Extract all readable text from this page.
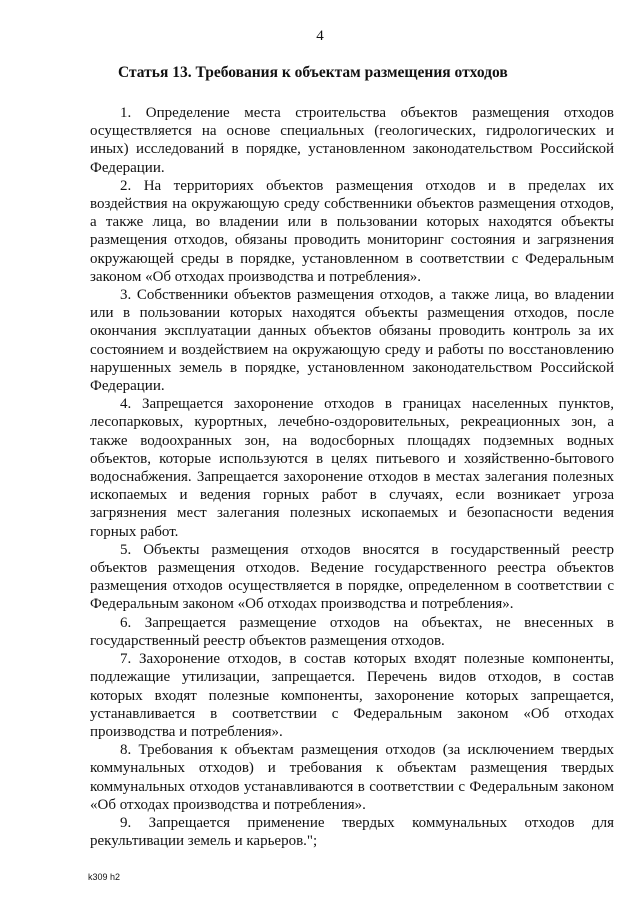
4
Статья 13. Требования к объектам размещения отходов

1. Определение места строительства объектов размещения отходов осуществляется на основе специальных (геологических, гидрологических и иных) исследований в порядке, установленном законодательством Российской Федерации.

2. На территориях объектов размещения отходов и в пределах их воздействия на окружающую среду собственники объектов размещения отходов, а также лица, во владении или в пользовании которых находятся объекты размещения отходов, обязаны проводить мониторинг состояния и загрязнения окружающей среды в порядке, установленном в соответствии с Федеральным законом «Об отходах производства и потребления».

3. Собственники объектов размещения отходов, а также лица, во владении или в пользовании которых находятся объекты размещения отходов, после окончания эксплуатации данных объектов обязаны проводить контроль за их состоянием и воздействием на окружающую среду и работы по восстановлению нарушенных земель в порядке, установленном законодательством Российской Федерации.

4. Запрещается захоронение отходов в границах населенных пунктов, лесопарковых, курортных, лечебно-оздоровительных, рекреационных зон, а также водоохранных зон, на водосборных площадях подземных водных объектов, которые используются в целях питьевого и хозяйственно-бытового водоснабжения. Запрещается захоронение отходов в местах залегания полезных ископаемых и ведения горных работ в случаях, если возникает угроза загрязнения мест залегания полезных ископаемых и безопасности ведения горных работ.

5. Объекты размещения отходов вносятся в государственный реестр объектов размещения отходов. Ведение государственного реестра объектов размещения отходов осуществляется в порядке, определенном в соответствии с Федеральным законом «Об отходах производства и потребления».

6. Запрещается размещение отходов на объектах, не внесенных в государственный реестр объектов размещения отходов.

7. Захоронение отходов, в состав которых входят полезные компоненты, подлежащие утилизации, запрещается. Перечень видов отходов, в состав которых входят полезные компоненты, захоронение которых запрещается, устанавливается в соответствии с Федеральным законом «Об отходах производства и потребления».

8. Требования к объектам размещения отходов (за исключением твердых коммунальных отходов) и требования к объектам размещения твердых коммунальных отходов устанавливаются в соответствии с Федеральным законом «Об отходах производства и потребления».

9. Запрещается применение твердых коммунальных отходов для рекультивации земель и карьеров.";

k309 h2
